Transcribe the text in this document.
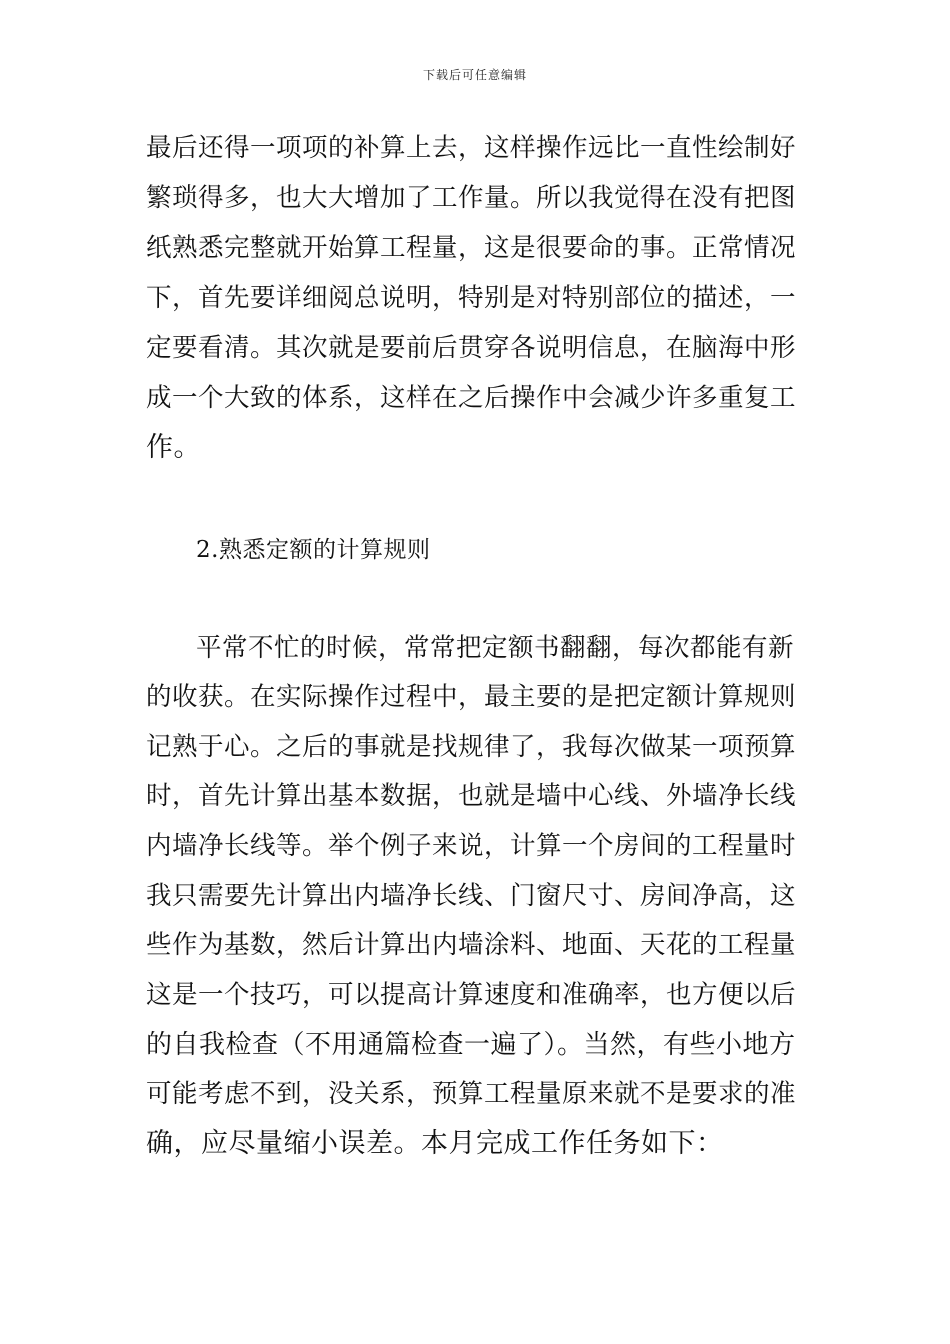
下载后可任意编辑
最后还得一项项的补算上去，这样操作远比一直性绘制好
繁琐得多，也大大增加了工作量。所以我觉得在没有把图
纸熟悉完整就开始算工程量，这是很要命的事。正常情况
下，首先要详细阅总说明，特别是对特别部位的描述，一
定要看清。其次就是要前后贯穿各说明信息，在脑海中形
成一个大致的体系，这样在之后操作中会减少许多重复工
作。
2.熟悉定额的计算规则
平常不忙的时候，常常把定额书翻翻，每次都能有新
的收获。在实际操作过程中，最主要的是把定额计算规则
记熟于心。之后的事就是找规律了，我每次做某一项预算
时，首先计算出基本数据，也就是墙中心线、外墙净长线
内墙净长线等。举个例子来说，计算一个房间的工程量时
我只需要先计算出内墙净长线、门窗尺寸、房间净高，这
些作为基数，然后计算出内墙涂料、地面、天花的工程量
这是一个技巧，可以提高计算速度和准确率，也方便以后
的自我检查（不用通篇检查一遍了）。当然，有些小地方
可能考虑不到，没关系，预算工程量原来就不是要求的准
确，应尽量缩小误差。本月完成工作任务如下：
